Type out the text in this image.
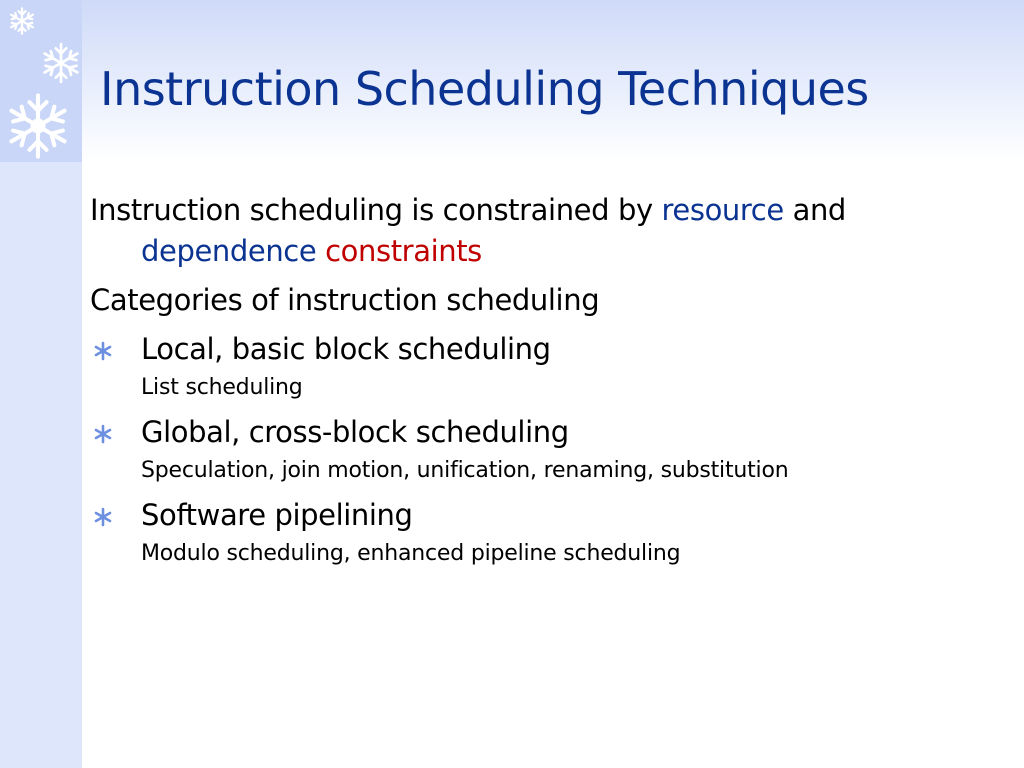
Instruction Scheduling Techniques

Instruction scheduling is constrained by resource and
dependence constraints

Categories of instruction scheduling

Local, basic block scheduling

List scheduling

Global, cross-block scheduling

Speculation, join motion, unification, renaming, substitution

Software pipelining

Modulo scheduling, enhanced pipeline scheduling
